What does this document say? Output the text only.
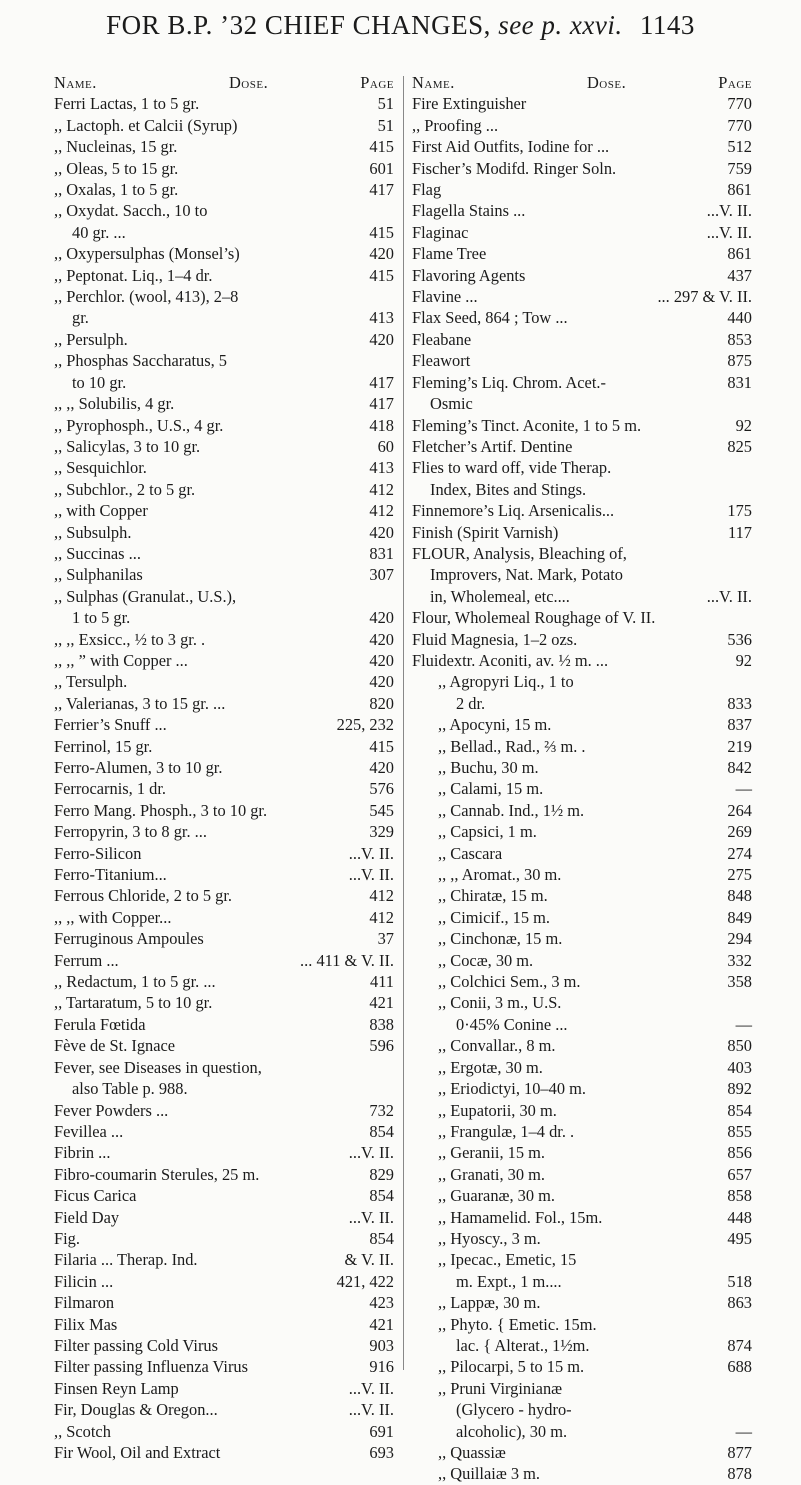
FOR B.P. ’32 CHIEF CHANGES, see p. xxvi. 1143
Name.	Dose.	Page
Ferri Lactas, 1 to 5 gr.	51
,, Lactoph. et Calcii (Syrup)	51
,, Nucleinas, 15 gr.	415
,, Oleas, 5 to 15 gr.	601
,, Oxalas, 1 to 5 gr.	417
,, Oxydat. Sacch., 10 to
40 gr. ...	415
,, Oxypersulphas (Monsel’s)	420
,, Peptonat. Liq., 1–4 dr.	415
,, Perchlor. (wool, 413), 2–8
gr.	413
,, Persulph.	420
,, Phosphas Saccharatus, 5
to 10 gr.	417
,, ,, Solubilis, 4 gr.	417
,, Pyrophosph., U.S., 4 gr.	418
,, Salicylas, 3 to 10 gr.	60
,, Sesquichlor.	413
,, Subchlor., 2 to 5 gr.	412
,, with Copper	412
,, Subsulph.	420
,, Succinas ...	831
,, Sulphanilas	307
,, Sulphas (Granulat., U.S.),
1 to 5 gr.	420
,, ,, Exsicc., ½ to 3 gr. .	420
,, ,, ” with Copper ...	420
,, Tersulph.	420
,, Valerianas, 3 to 15 gr. ...	820
Ferrier’s Snuff ...	225, 232
Ferrinol, 15 gr.	415
Ferro-Alumen, 3 to 10 gr.	420
Ferrocarnis, 1 dr.	576
Ferro Mang. Phosph., 3 to 10 gr.	545
Ferropyrin, 3 to 8 gr. ...	329
Ferro-Silicon	...V. II.
Ferro-Titanium...	...V. II.
Ferrous Chloride, 2 to 5 gr.	412
,, ,, with Copper...	412
Ferruginous Ampoules	37
Ferrum ...	... 411 & V. II.
,, Redactum, 1 to 5 gr. ...	411
,, Tartaratum, 5 to 10 gr.	421
Ferula Fœtida	838
Fève de St. Ignace	596
Fever, see Diseases in question,
also Table p. 988.
Fever Powders ...	732
Fevillea ...	854
Fibrin ...	...V. II.
Fibro-coumarin Sterules, 25 m.	829
Ficus Carica	854
Field Day	...V. II.
Fig.	854
Filaria ... Therap. Ind.	& V. II.
Filicin ...	421, 422
Filmaron	423
Filix Mas	421
Filter passing Cold Virus	903
Filter passing Influenza Virus	916
Finsen Reyn Lamp	...V. II.
Fir, Douglas & Oregon...	...V. II.
,, Scotch	691
Fir Wool, Oil and Extract	693
Name.	Dose.	Page
Fire Extinguisher	770
,, Proofing ...	770
First Aid Outfits, Iodine for ...	512
Fischer’s Modifd. Ringer Soln.	759
Flag	861
Flagella Stains ...	...V. II.
Flaginac	...V. II.
Flame Tree	861
Flavoring Agents	437
Flavine ...	... 297 & V. II.
Flax Seed, 864 ; Tow ...	440
Fleabane	853
Fleawort	875
Fleming’s Liq. Chrom. Acet.-	831
Osmic
Fleming’s Tinct. Aconite, 1 to 5 m.	92
Fletcher’s Artif. Dentine	825
Flies to ward off, vide Therap.
Index, Bites and Stings.
Finnemore’s Liq. Arsenicalis...	175
Finish (Spirit Varnish)	117
FLOUR, Analysis, Bleaching of,
Improvers, Nat. Mark, Potato
in, Wholemeal, etc....	...V. II.
Flour, Wholemeal Roughage of V. II.
Fluid Magnesia, 1–2 ozs.	536
Fluidextr. Aconiti, av. ½ m. ...	92
,, Agropyri Liq., 1 to
2 dr.	833
,, Apocyni, 15 m.	837
,, Bellad., Rad., ⅔ m. .	219
,, Buchu, 30 m.	842
,, Calami, 15 m.	—
,, Cannab. Ind., 1½ m.	264
,, Capsici, 1 m.	269
,, Cascara	274
,, ,, Aromat., 30 m.	275
,, Chiratæ, 15 m.	848
,, Cimicif., 15 m.	849
,, Cinchonæ, 15 m.	294
,, Cocæ, 30 m.	332
,, Colchici Sem., 3 m.	358
,, Conii, 3 m., U.S.
0·45% Conine ...	—
,, Convallar., 8 m.	850
,, Ergotæ, 30 m.	403
,, Eriodictyi, 10–40 m.	892
,, Eupatorii, 30 m.	854
,, Frangulæ, 1–4 dr. .	855
,, Geranii, 15 m.	856
,, Granati, 30 m.	657
,, Guaranæ, 30 m.	858
,, Hamamelid. Fol., 15m.	448
,, Hyoscy., 3 m.	495
,, Ipecac., Emetic, 15
m. Expt., 1 m....	518
,, Lappæ, 30 m.	863
,, Phyto. { Emetic. 15m.
lac. { Alterat., 1½m.	874
,, Pilocarpi, 5 to 15 m.	688
,, Pruni Virginianæ
(Glycero - hydro-
alcoholic), 30 m.	—
,, Quassiæ	877
,, Quillaiæ 3 m.	878
